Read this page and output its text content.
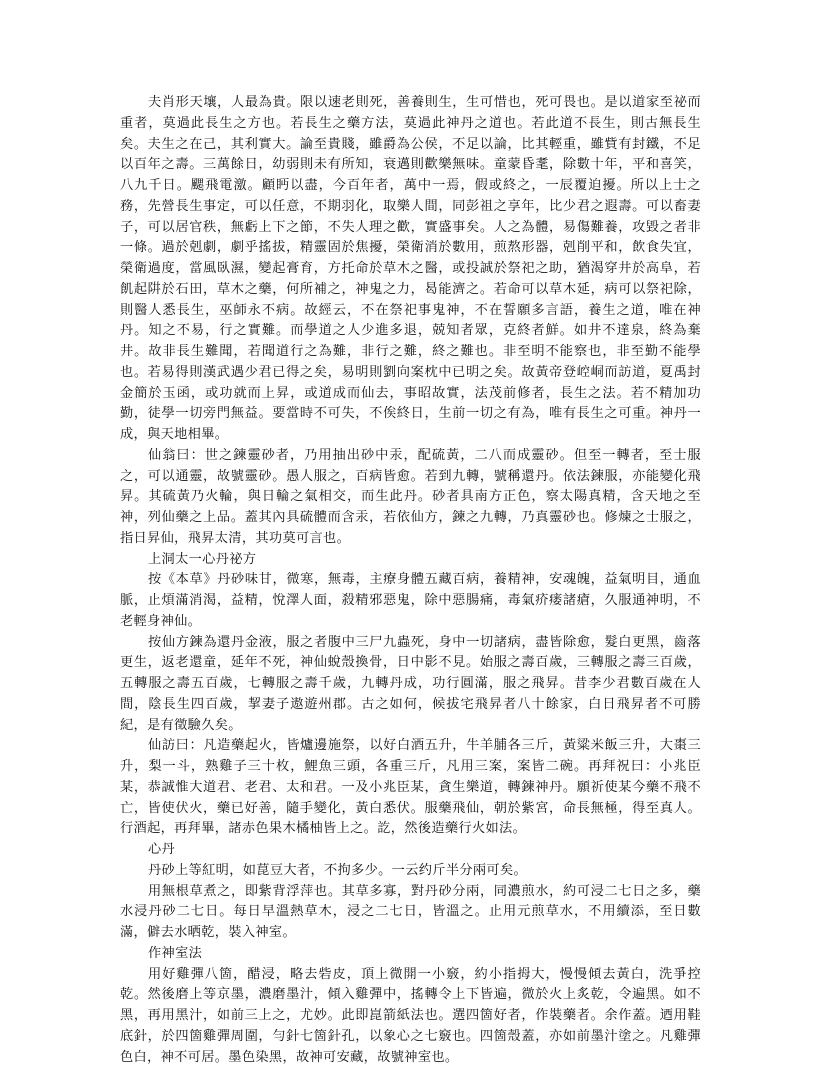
夫肖形天壤，人最為貴。限以速老則死，善養則生，生可惜也，死可畏也。是以道家至祕而重者，莫過此長生之方也。若長生之藥方法，莫過此神丹之道也。若此道不長生，則古無長生矣。夫生之在己，其利實大。論至貴賤，雖爵為公侯，不足以論，比其輕重，雖貲有封鐵，不足以百年之壽。三萬餘日，幼弱則未有所知，衰邁則歡樂無味。童蒙昏耄，除數十年，平和喜笑，八九千日。颸飛電激。顧眄以盡，今百年者，萬中一焉，假或終之，一辰覆迫擾。所以上士之務，先營長生事定，可以任意，不期羽化，取樂人間，同彭祖之享年，比少君之遐壽。可以畜妻子，可以居官秩，無虧上下之節，不失人理之歡，實盛事矣。人之為體，易傷難養，攻毀之者非一條。過於剋劇，劇乎搖拔，精靈固於焦擾，榮衛消於數用，煎熬形器，剋削平和，飲食失宜，榮衛過度，當風臥濕，變起膏育，方托命於草木之醫，或投誠於祭祀之助，猶渴穿井於高阜，若飢起阱於石田，草木之藥，何所補之，神鬼之力，曷能濟之。若命可以草木延，病可以祭祀除，則醫人悉長生，巫師永不病。故經云，不在祭祀事鬼神，不在誓願多言語，養生之道，唯在神丹。知之不易，行之實難。而學道之人少進多退，兢知者眾，克終者鮮。如井不達泉，終為棄井。故非長生難聞，若聞道行之為難，非行之難，終之難也。非至明不能察也，非至勤不能學也。若易得則漢武遇少君已得之矣，易明則劉向案枕中已明之矣。故黃帝登崆峒而訪道，夏禹封金簡於玉函，或功就而上昇，或道成而仙去，事昭故實，法茂前修者，長生之法。若不精加功勤，徒學一切旁門無益。要當時不可失，不俟終日，生前一切之有為，唯有長生之可重。神丹一成，與天地相畢。

仙翁曰：世之鍊靈砂者，乃用抽出砂中汞，配硫黃，二八而成靈砂。但至一轉者，至士服之，可以通靈，故號靈砂。愚人服之，百病皆愈。若到九轉，號稱還丹。依法鍊服，亦能變化飛昇。其硫黃乃火輪，與日輪之氣相交，而生此丹。砂者具南方正色，察太陽真精，含天地之至神，列仙藥之上品。蓋其內具硫體而含汞，若依仙方，鍊之九轉，乃真靈砂也。修煉之士服之，指日昇仙，飛昇太清，其功莫可言也。

上洞太一心丹祕方

按《本草》丹砂味甘，微寒，無毒，主療身體五藏百病，養精神，安魂魄，益氣明目，通血脈，止煩滿消渴，益精，悅澤人面，殺精邪惡鬼，除中惡腸痛，毒氣疥瘘諸瘡，久服通神明，不老輕身神仙。

按仙方鍊為還丹金液，服之者腹中三尸九蟲死，身中一切諸病，盡皆除愈，髮白更黑，齒落更生，返老還童，延年不死，神仙蛻殼換骨，日中影不見。始服之壽百歲，三轉服之壽三百歲，五轉服之壽五百歲，七轉服之壽千歲，九轉丹成，功行圓滿，服之飛昇。昔李少君數百歲在人間，陰長生四百歲，挈妻子遨遊州郡。古之如何，候拔宅飛昇者八十餘家，白日飛昇者不可勝紀，是有徵驗久矣。

仙訪曰：凡造藥起火，皆爐邊施祭，以好白酒五升，牛羊脯各三斤，黃粱米飯三升，大棗三升，梨一斗，熟雞子三十枚，鯉魚三頭，各重三斤，凡用三案，案皆二碗。再拜祝曰：小兆臣某，恭誠惟大道君、老君、太和君。一及小兆臣某，貪生樂道，轉鍊神丹。願祈使某今藥不飛不亡，皆使伏火，藥已好善，隨手變化，黃白悉伏。服藥飛仙，朝於紫宮，命長無極，得至真人。行酒起，再拜畢，諸赤色果木橘柚皆上之。訖，然後造藥行火如法。

心丹

丹砂上等紅明，如菎豆大者，不拘多少。一云约斤半分兩可矣。

用無根草煮之，即紫背浮萍也。其草多寡，對丹砂分兩，同濃煎水，約可浸二七日之多，藥水浸丹砂二七日。每日早溫熱草木，浸之二七日，皆溫之。止用元煎草水，不用續添，至日數滿，僻去水晒乾，裝入神室。

作神室法

用好雞彈八箇，醋浸，略去砦皮，頂上微開一小竅，約小指拇大，慢慢傾去黃白，洗爭控乾。然後磨上等京墨，濃磨墨汁，傾入雞彈中，搖轉令上下皆遍，微於火上炙乾，令遍黑。如不黑，再用黑汁，如前三上之，尤妙。此即崑箭紙法也。選四箇好者，作裝藥者。余作蓋。迺用鞋底針，於四箇雞彈周圍，勻針七箇針孔，以象心之七竅也。四箇殼蓋，亦如前墨汁塗之。凡雞彈色白，神不可居。墨色染黑，故神可安藏，故號神室也。
